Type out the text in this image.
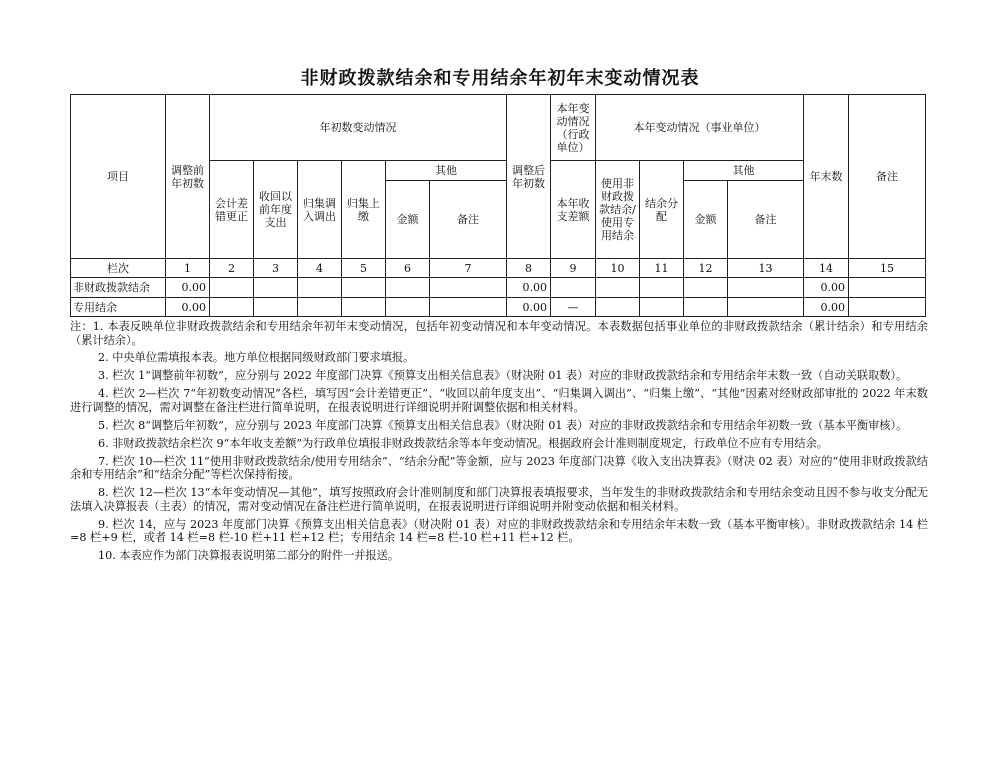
非财政拨款结余和专用结余年初年末变动情况表
项目	调整前年初数	年初数变动情况						调整后年初数	本年变动情况（行政单位）	本年变动情况（事业单位）				年末数	备注
		会计差错更正	收回以前年度支出	归集调入调出	归集上缴	其他			本年收支差额	使用非财政拨款结余/使用专用结余	结余分配	其他			
						金额	备注					金额	备注		
栏次	1	2	3	4	5	6	7	8	9	10	11	12	13	14	15
非财政拨款结余	0.00							0.00						0.00	
专用结余	0.00							0.00	—					0.00	

注：1. 本表反映单位非财政拨款结余和专用结余年初年末变动情况，包括年初变动情况和本年变动情况。本表数据包括事业单位的非财政拨款结余（累计结余）和专用结余（累计结余）。

2. 中央单位需填报本表。地方单位根据同级财政部门要求填报。

3. 栏次 1“调整前年初数”，应分别与 2022 年度部门决算《预算支出相关信息表》（财决附 01 表）对应的非财政拨款结余和专用结余年末数一致（自动关联取数）。

4. 栏次 2—栏次 7“年初数变动情况”各栏，填写因“会计差错更正”、“收回以前年度支出”、“归集调入调出”、“归集上缴”、“其他”因素对经财政部审批的 2022 年末数进行调整的情况，需对调整在备注栏进行简单说明，在报表说明进行详细说明并附调整依据和相关材料。

5. 栏次 8“调整后年初数”，应分别与 2023 年度部门决算《预算支出相关信息表》（财决附 01 表）对应的非财政拨款结余和专用结余年初数一致（基本平衡审核）。

6. 非财政拨款结余栏次 9“本年收支差额”为行政单位填报非财政拨款结余等本年变动情况。根据政府会计准则制度规定，行政单位不应有专用结余。

7. 栏次 10—栏次 11“使用非财政拨款结余/使用专用结余”、“结余分配”等金额，应与 2023 年度部门决算《收入支出决算表》（财决 02 表）对应的“使用非财政拨款结余和专用结余”和“结余分配”等栏次保持衔接。

8. 栏次 12—栏次 13“本年变动情况—其他”，填写按照政府会计准则制度和部门决算报表填报要求，当年发生的非财政拨款结余和专用结余变动且因不参与收支分配无法填入决算报表（主表）的情况，需对变动情况在备注栏进行简单说明，在报表说明进行详细说明并附变动依据和相关材料。

9. 栏次 14，应与 2023 年度部门决算《预算支出相关信息表》（财决附 01 表）对应的非财政拨款结余和专用结余年末数一致（基本平衡审核）。非财政拨款结余 14 栏=8 栏+9 栏，或者 14 栏=8 栏-10 栏+11 栏+12 栏；专用结余 14 栏=8 栏-10 栏+11 栏+12 栏。

10. 本表应作为部门决算报表说明第二部分的附件一并报送。
